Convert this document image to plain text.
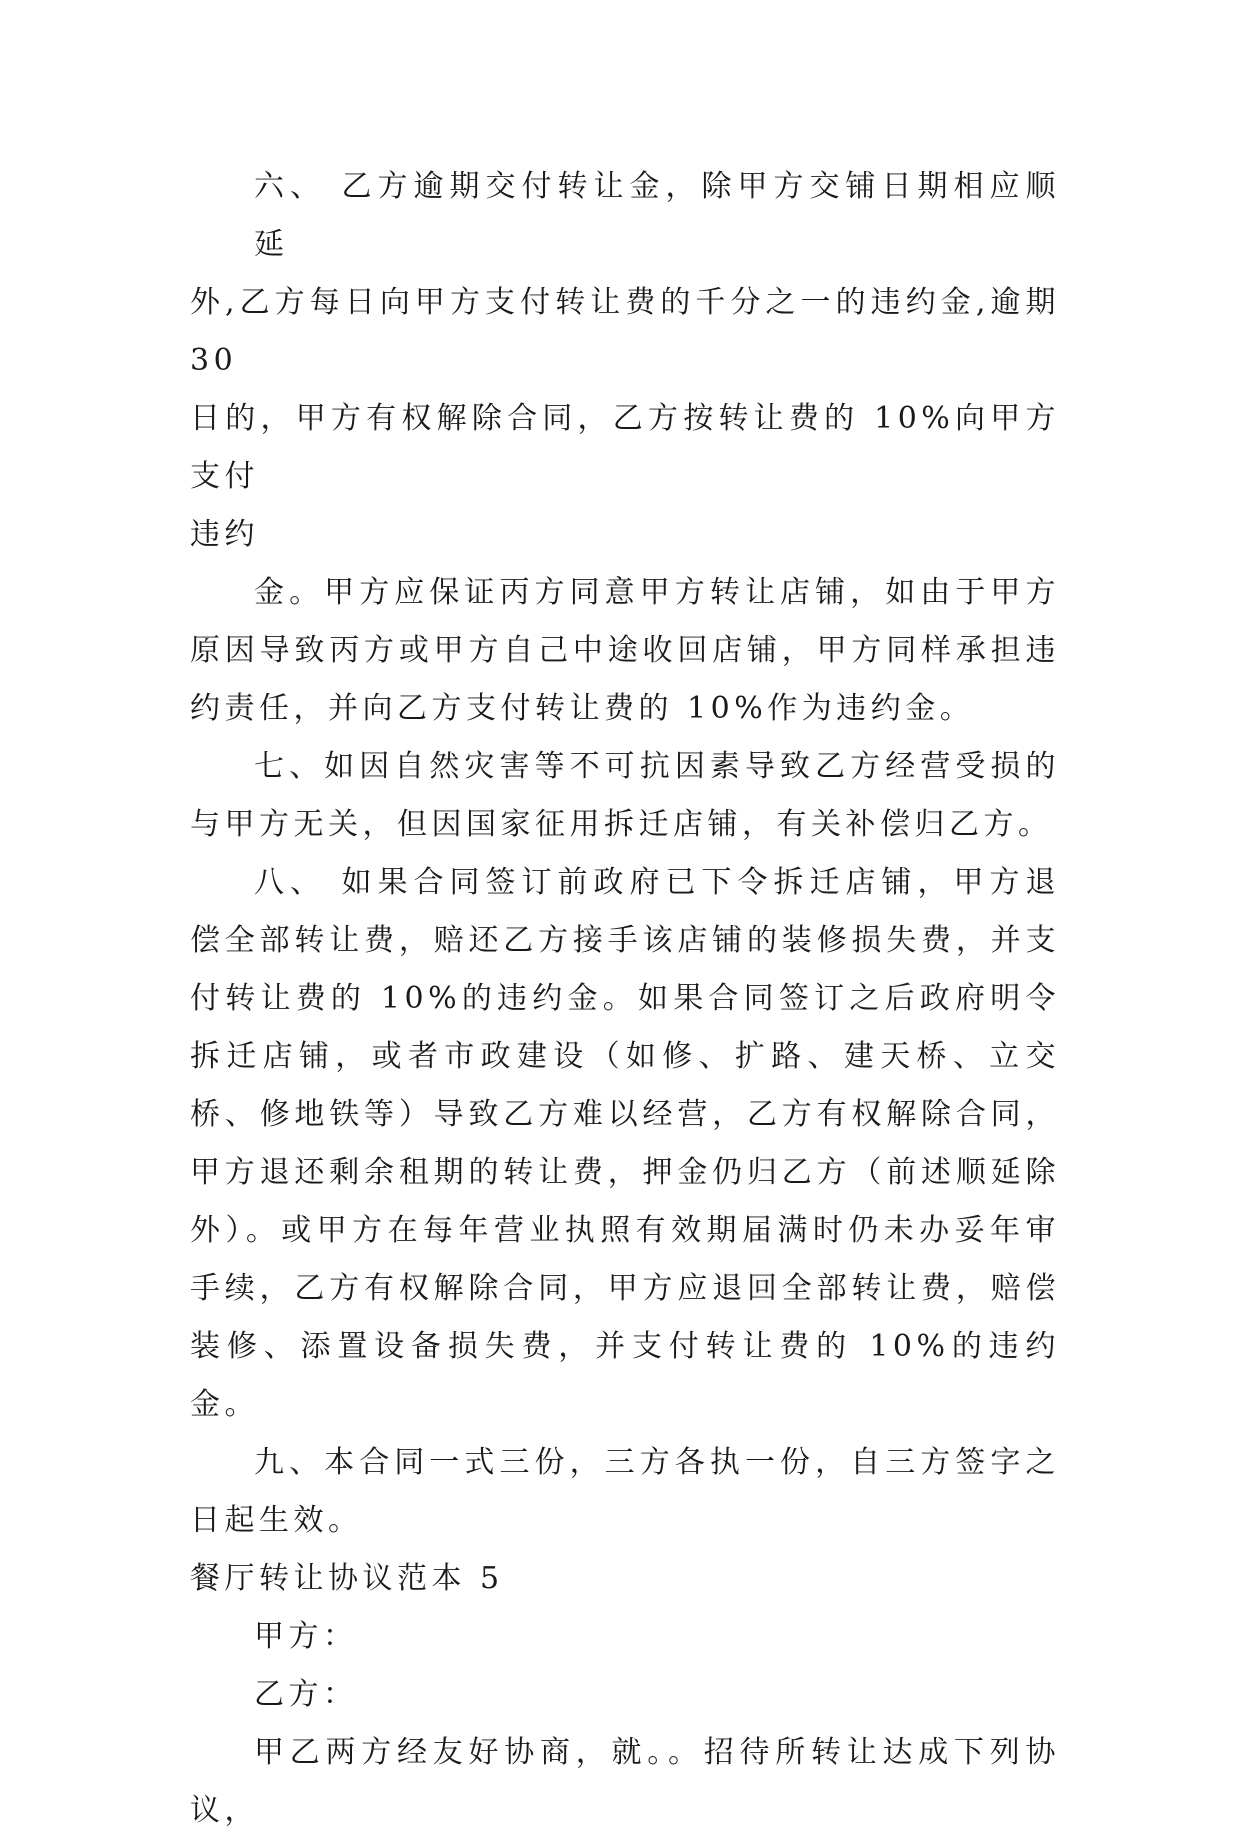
六、 乙方逾期交付转让金，除甲方交铺日期相应顺延
外,乙方每日向甲方支付转让费的千分之一的违约金,逾期 30
日的，甲方有权解除合同，乙方按转让费的 10%向甲方支付
违约

金。甲方应保证丙方同意甲方转让店铺，如由于甲方原因导致丙方或甲方自己中途收回店铺，甲方同样承担违约责任，并向乙方支付转让费的 10%作为违约金。

七、如因自然灾害等不可抗因素导致乙方经营受损的与甲方无关，但因国家征用拆迁店铺，有关补偿归乙方。

八、 如果合同签订前政府已下令拆迁店铺，甲方退偿全部转让费，赔还乙方接手该店铺的装修损失费，并支付转让费的 10%的违约金。如果合同签订之后政府明令拆迁店铺，或者市政建设（如修、扩路、建天桥、立交桥、修地铁等）导致乙方难以经营，乙方有权解除合同，甲方退还剩余租期的转让费，押金仍归乙方（前述顺延除外）。或甲方在每年营业执照有效期届满时仍未办妥年审手续，乙方有权解除合同，甲方应退回全部转让费，赔偿装修、添置设备损失费，并支付转让费的 10%的违约金。

九、本合同一式三份，三方各执一份，自三方签字之日起生效。

餐厅转让协议范本 5

甲方：

乙方：

甲乙两方经友好协商，就。。招待所转让达成下列协议，
